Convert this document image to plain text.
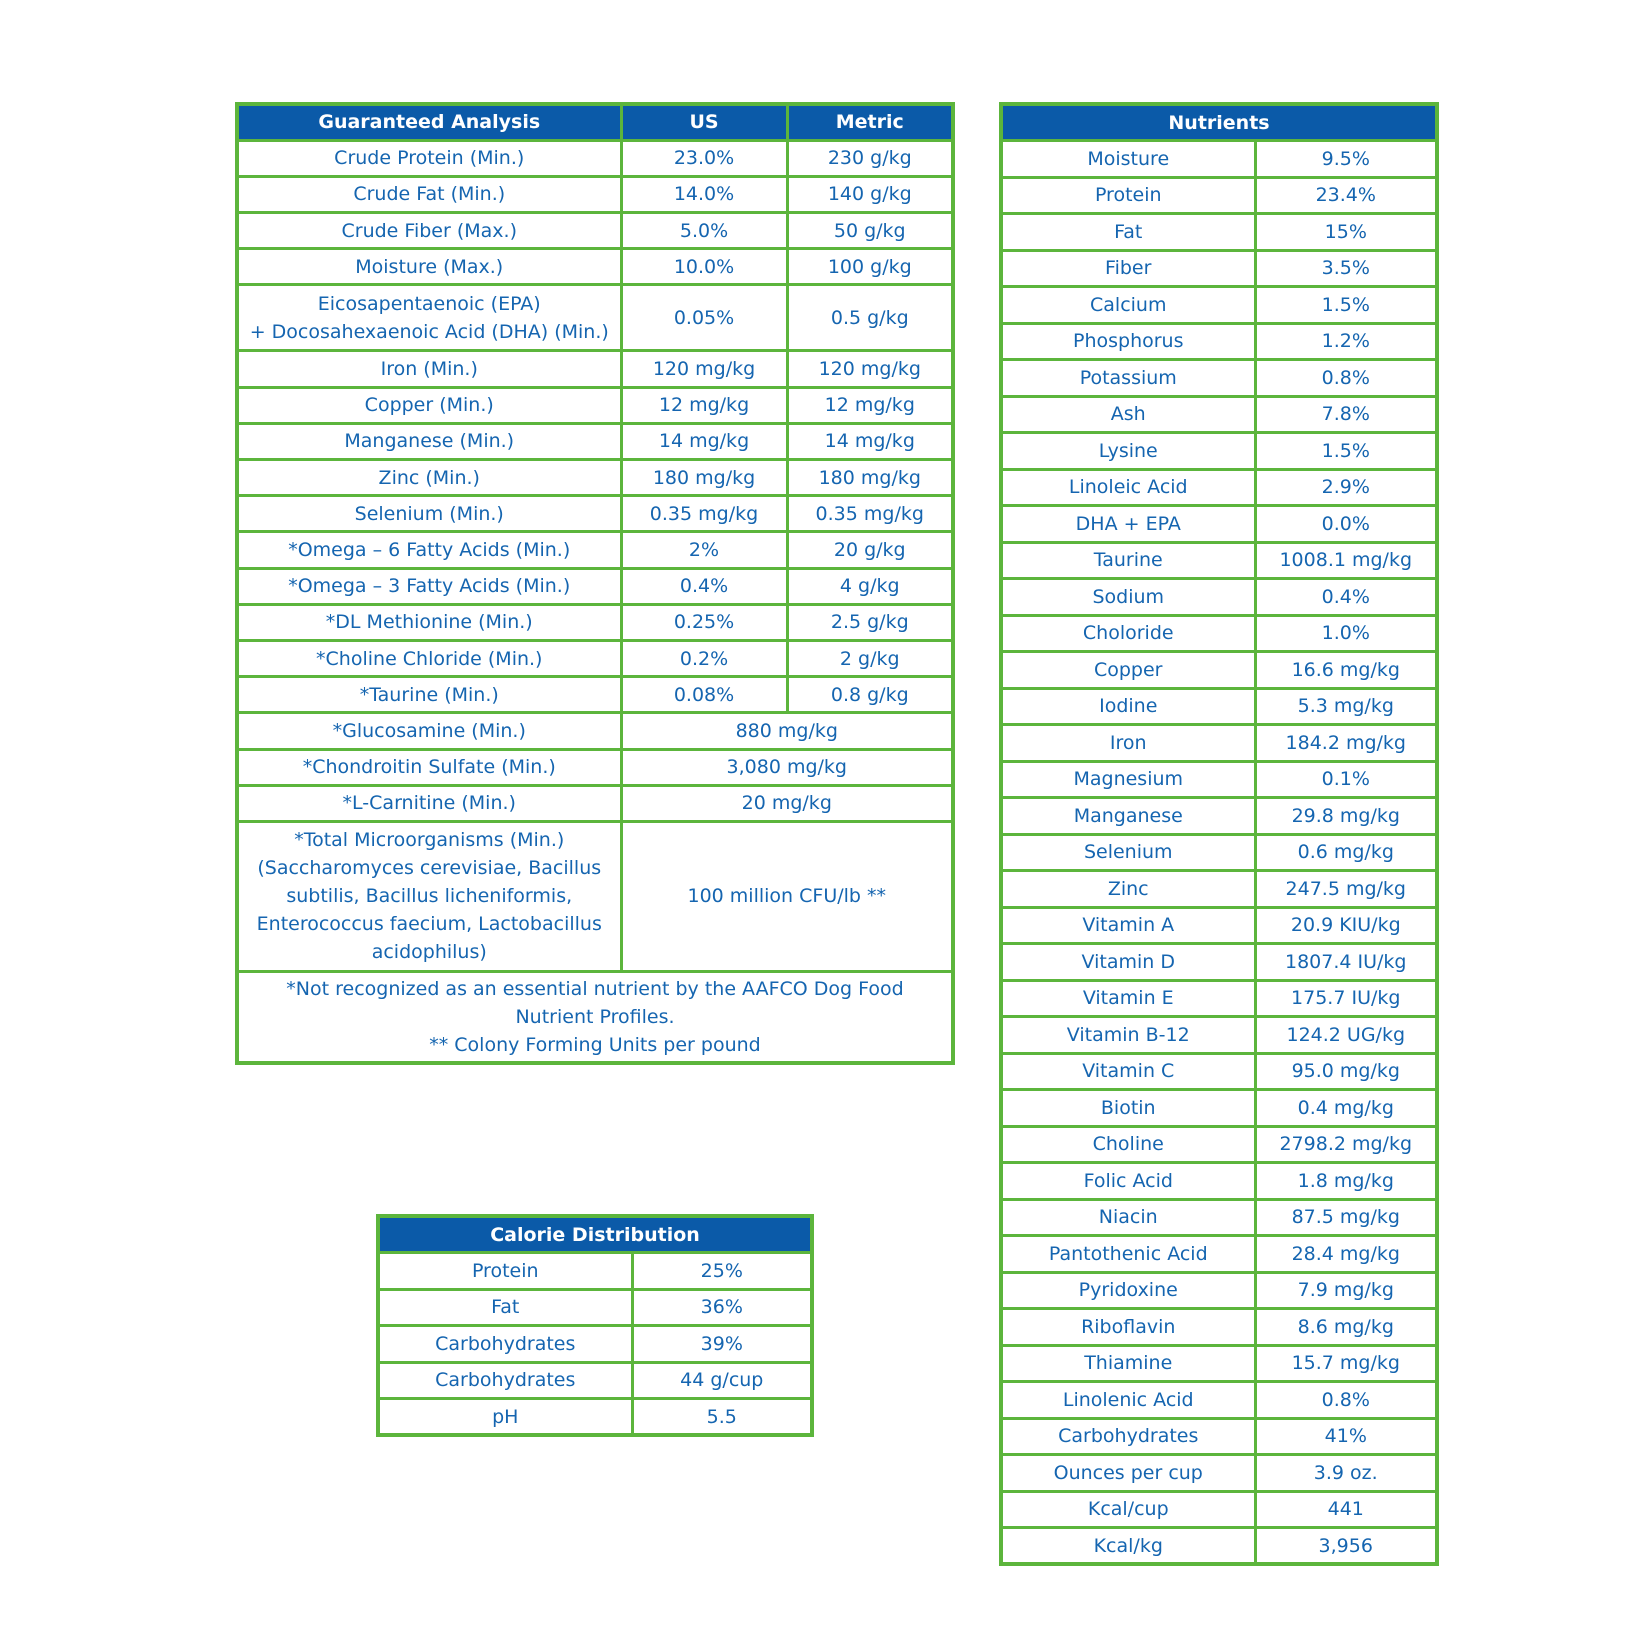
Guaranteed Analysis	US	Metric
Crude Protein (Min.)	23.0%	230 g/kg
Crude Fat (Min.)	14.0%	140 g/kg
Crude Fiber (Max.)	5.0%	50 g/kg
Moisture (Max.)	10.0%	100 g/kg
Eicosapentaenoic (EPA)
+ Docosahexaenoic Acid (DHA) (Min.)	0.05%	0.5 g/kg
Iron (Min.)	120 mg/kg	120 mg/kg
Copper (Min.)	12 mg/kg	12 mg/kg
Manganese (Min.)	14 mg/kg	14 mg/kg
Zinc (Min.)	180 mg/kg	180 mg/kg
Selenium (Min.)	0.35 mg/kg	0.35 mg/kg
*Omega – 6 Fatty Acids (Min.)	2%	20 g/kg
*Omega – 3 Fatty Acids (Min.)	0.4%	4 g/kg
*DL Methionine (Min.)	0.25%	2.5 g/kg
*Choline Chloride (Min.)	0.2%	2 g/kg
*Taurine (Min.)	0.08%	0.8 g/kg
*Glucosamine (Min.)	880 mg/kg	
*Chondroitin Sulfate (Min.)	3,080 mg/kg	
*L-Carnitine (Min.)	20 mg/kg	
*Total Microorganisms (Min.)
(Saccharomyces cerevisiae, Bacillus
subtilis, Bacillus licheniformis,
Enterococcus faecium, Lactobacillus
acidophilus)	100 million CFU/lb **	
*Not recognized as an essential nutrient by the AAFCO Dog Food
Nutrient Profiles.
** Colony Forming Units per pound		
Nutrients	
Moisture	9.5%
Protein	23.4%
Fat	15%
Fiber	3.5%
Calcium	1.5%
Phosphorus	1.2%
Potassium	0.8%
Ash	7.8%
Lysine	1.5%
Linoleic Acid	2.9%
DHA + EPA	0.0%
Taurine	1008.1 mg/kg
Sodium	0.4%
Choloride	1.0%
Copper	16.6 mg/kg
Iodine	5.3 mg/kg
Iron	184.2 mg/kg
Magnesium	0.1%
Manganese	29.8 mg/kg
Selenium	0.6 mg/kg
Zinc	247.5 mg/kg
Vitamin A	20.9 KIU/kg
Vitamin D	1807.4 IU/kg
Vitamin E	175.7 IU/kg
Vitamin B-12	124.2 UG/kg
Vitamin C	95.0 mg/kg
Biotin	0.4 mg/kg
Choline	2798.2 mg/kg
Folic Acid	1.8 mg/kg
Niacin	87.5 mg/kg
Pantothenic Acid	28.4 mg/kg
Pyridoxine	7.9 mg/kg
Riboflavin	8.6 mg/kg
Thiamine	15.7 mg/kg
Linolenic Acid	0.8%
Carbohydrates	41%
Ounces per cup	3.9 oz.
Kcal/cup	441
Kcal/kg	3,956
Calorie Distribution	
Protein	25%
Fat	36%
Carbohydrates	39%
Carbohydrates	44 g/cup
pH	5.5
